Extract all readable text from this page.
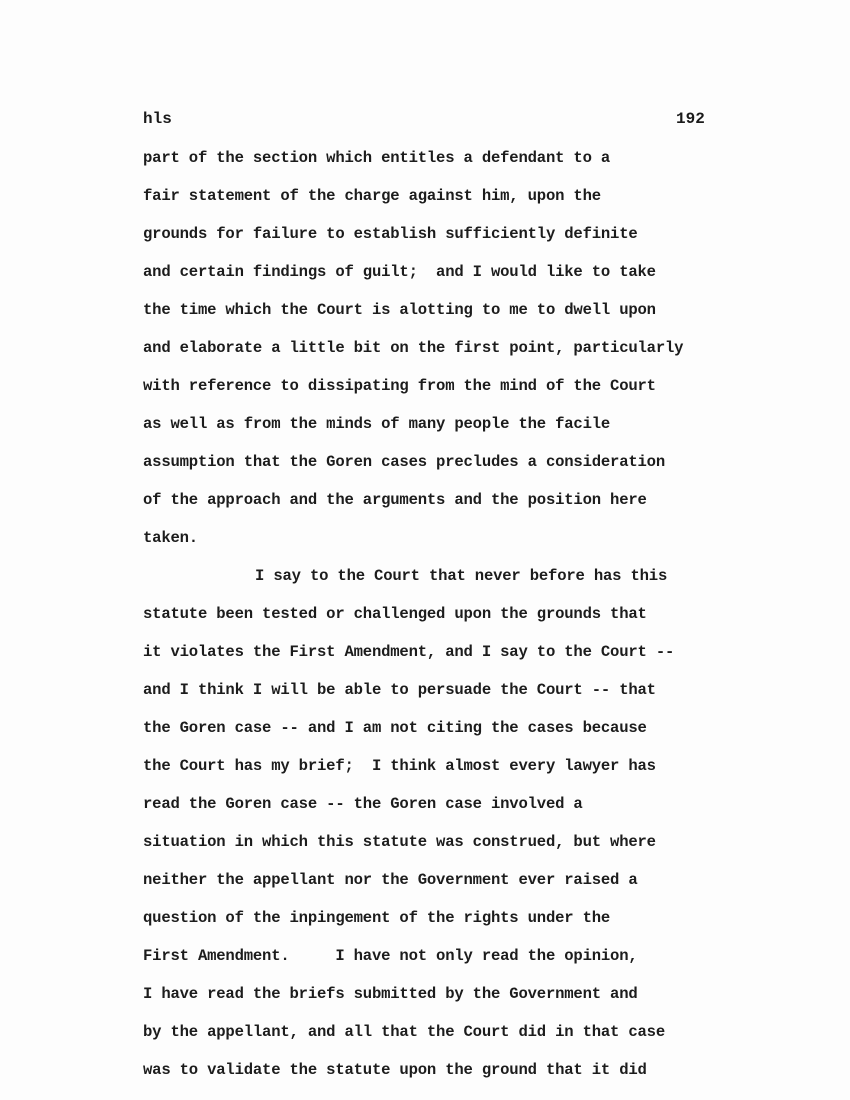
hls	192
part of the section which entitles a defendant to a
fair statement of the charge against him, upon the
grounds for failure to establish sufficiently definite
and certain findings of guilt;  and I would like to take
the time which the Court is alotting to me to dwell upon
and elaborate a little bit on the first point, particularly
with reference to dissipating from the mind of the Court
as well as from the minds of many people the facile
assumption that the Goren cases precludes a consideration
of the approach and the arguments and the position here
taken.
I say to the Court that never before has this
statute been tested or challenged upon the grounds that
it violates the First Amendment, and I say to the Court --
and I think I will be able to persuade the Court -- that
the Goren case -- and I am not citing the cases because
the Court has my brief;  I think almost every lawyer has
read the Goren case -- the Goren case involved a
situation in which this statute was construed, but where
neither the appellant nor the Government ever raised a
question of the inpingement of the rights under the
First Amendment.     I have not only read the opinion,
I have read the briefs submitted by the Government and
by the appellant, and all that the Court did in that case
was to validate the statute upon the ground that it did
